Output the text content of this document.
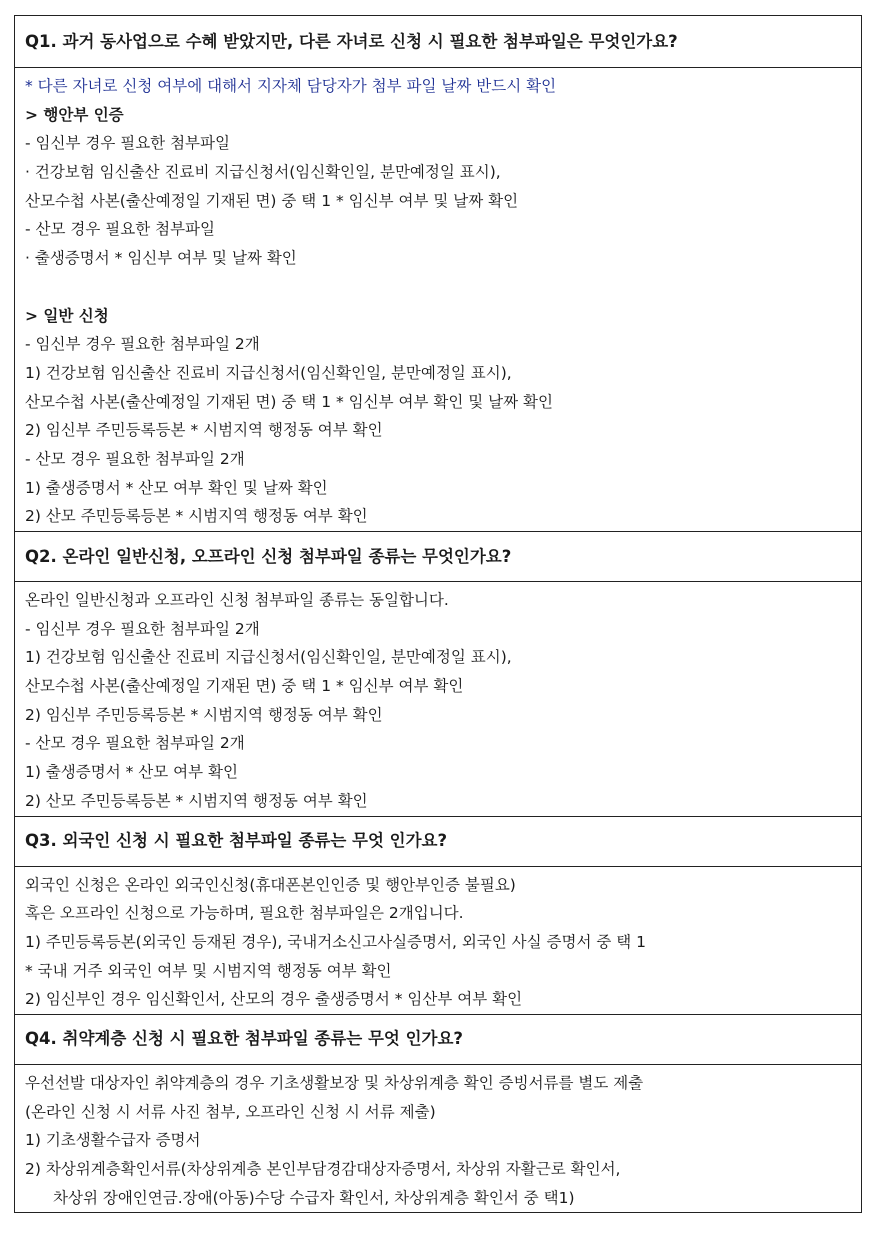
Q1. 과거 동사업으로 수혜 받았지만, 다른 자녀로 신청 시 필요한 첨부파일은 무엇인가요?
* 다른 자녀로 신청 여부에 대해서 지자체 담당자가 첨부 파일 날짜 반드시 확인
> 행안부 인증
- 임신부 경우 필요한 첨부파일
· 건강보험 임신출산 진료비 지급신청서(임신확인일, 분만예정일 표시),
산모수첩 사본(출산예정일 기재된 면) 중 택 1 * 임신부 여부 및 날짜 확인
- 산모 경우 필요한 첨부파일
· 출생증명서 * 임신부 여부 및 날짜 확인
> 일반 신청
- 임신부 경우 필요한 첨부파일 2개
1) 건강보험 임신출산 진료비 지급신청서(임신확인일, 분만예정일 표시),
산모수첩 사본(출산예정일 기재된 면) 중 택 1 * 임신부 여부 확인 및 날짜 확인
2) 임신부 주민등록등본 * 시범지역 행정동 여부 확인
- 산모 경우 필요한 첨부파일 2개
1) 출생증명서 * 산모 여부 확인 및 날짜 확인
2) 산모 주민등록등본 * 시범지역 행정동 여부 확인
Q2. 온라인 일반신청, 오프라인 신청 첨부파일 종류는 무엇인가요?
온라인 일반신청과 오프라인 신청 첨부파일 종류는 동일합니다.
- 임신부 경우 필요한 첨부파일 2개
1) 건강보험 임신출산 진료비 지급신청서(임신확인일, 분만예정일 표시),
산모수첩 사본(출산예정일 기재된 면) 중 택 1 * 임신부 여부 확인
2) 임신부 주민등록등본 * 시범지역 행정동 여부 확인
- 산모 경우 필요한 첨부파일 2개
1) 출생증명서 * 산모 여부 확인
2) 산모 주민등록등본 * 시범지역 행정동 여부 확인
Q3. 외국인 신청 시 필요한 첨부파일 종류는 무엇 인가요?
외국인 신청은 온라인 외국인신청(휴대폰본인인증 및 행안부인증 불필요)
혹은 오프라인 신청으로 가능하며, 필요한 첨부파일은 2개입니다.
1) 주민등록등본(외국인 등재된 경우), 국내거소신고사실증명서, 외국인 사실 증명서 중 택 1
* 국내 거주 외국인 여부 및 시범지역 행정동 여부 확인
2) 임신부인 경우 임신확인서, 산모의 경우 출생증명서 * 임산부 여부 확인
Q4. 취약계층 신청 시 필요한 첨부파일 종류는 무엇 인가요?
우선선발 대상자인 취약계층의 경우 기초생활보장 및 차상위계층 확인 증빙서류를 별도 제출
(온라인 신청 시 서류 사진 첨부, 오프라인 신청 시 서류 제출)
1) 기초생활수급자 증명서
2) 차상위계층확인서류(차상위계층 본인부담경감대상자증명서, 차상위 자활근로 확인서,
차상위 장애인연금.장애(아동)수당 수급자 확인서, 차상위계층 확인서 중 택1)
